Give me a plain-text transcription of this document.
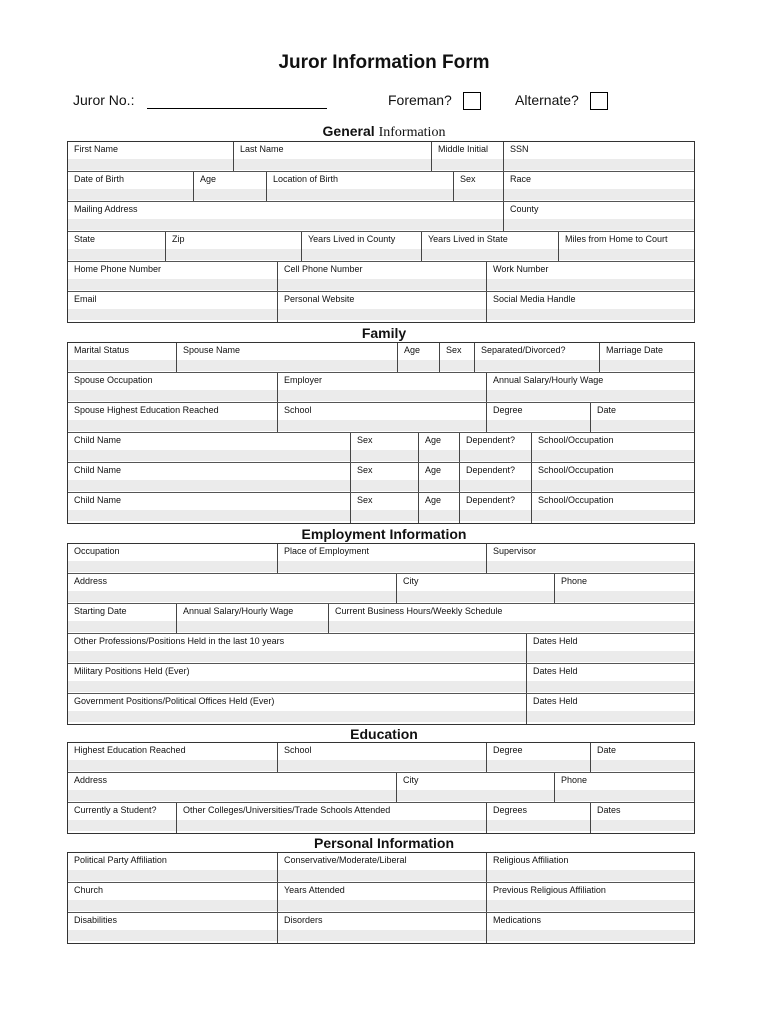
Juror Information Form
Juror No.:	Foreman?	Alternate?
General Information
First Name	Last Name	Middle Initial	SSN
Date of Birth	Age	Location of Birth	Sex	Race
Mailing Address	County
State	Zip	Years Lived in County	Years Lived in State	Miles from Home to Court
Home Phone Number	Cell Phone Number	Work Number
Email	Personal Website	Social Media Handle
Family
Marital Status	Spouse Name	Age	Sex	Separated/Divorced?	Marriage Date
Spouse Occupation	Employer	Annual Salary/Hourly Wage
Spouse Highest Education Reached	School	Degree	Date
Child Name	Sex	Age	Dependent?	School/Occupation
Child Name	Sex	Age	Dependent?	School/Occupation
Child Name	Sex	Age	Dependent?	School/Occupation
Employment Information
Occupation	Place of Employment	Supervisor
Address	City	Phone
Starting Date	Annual Salary/Hourly Wage	Current Business Hours/Weekly Schedule
Other Professions/Positions Held in the last 10 years	Dates Held
Military Positions Held (Ever)	Dates Held
Government Positions/Political Offices Held (Ever)	Dates Held
Education
Highest Education Reached	School	Degree	Date
Address	City	Phone
Currently a Student?	Other Colleges/Universities/Trade Schools Attended	Degrees	Dates
Personal Information
Political Party Affiliation	Conservative/Moderate/Liberal	Religious Affiliation
Church	Years Attended	Previous Religious Affiliation
Disabilities	Disorders	Medications
